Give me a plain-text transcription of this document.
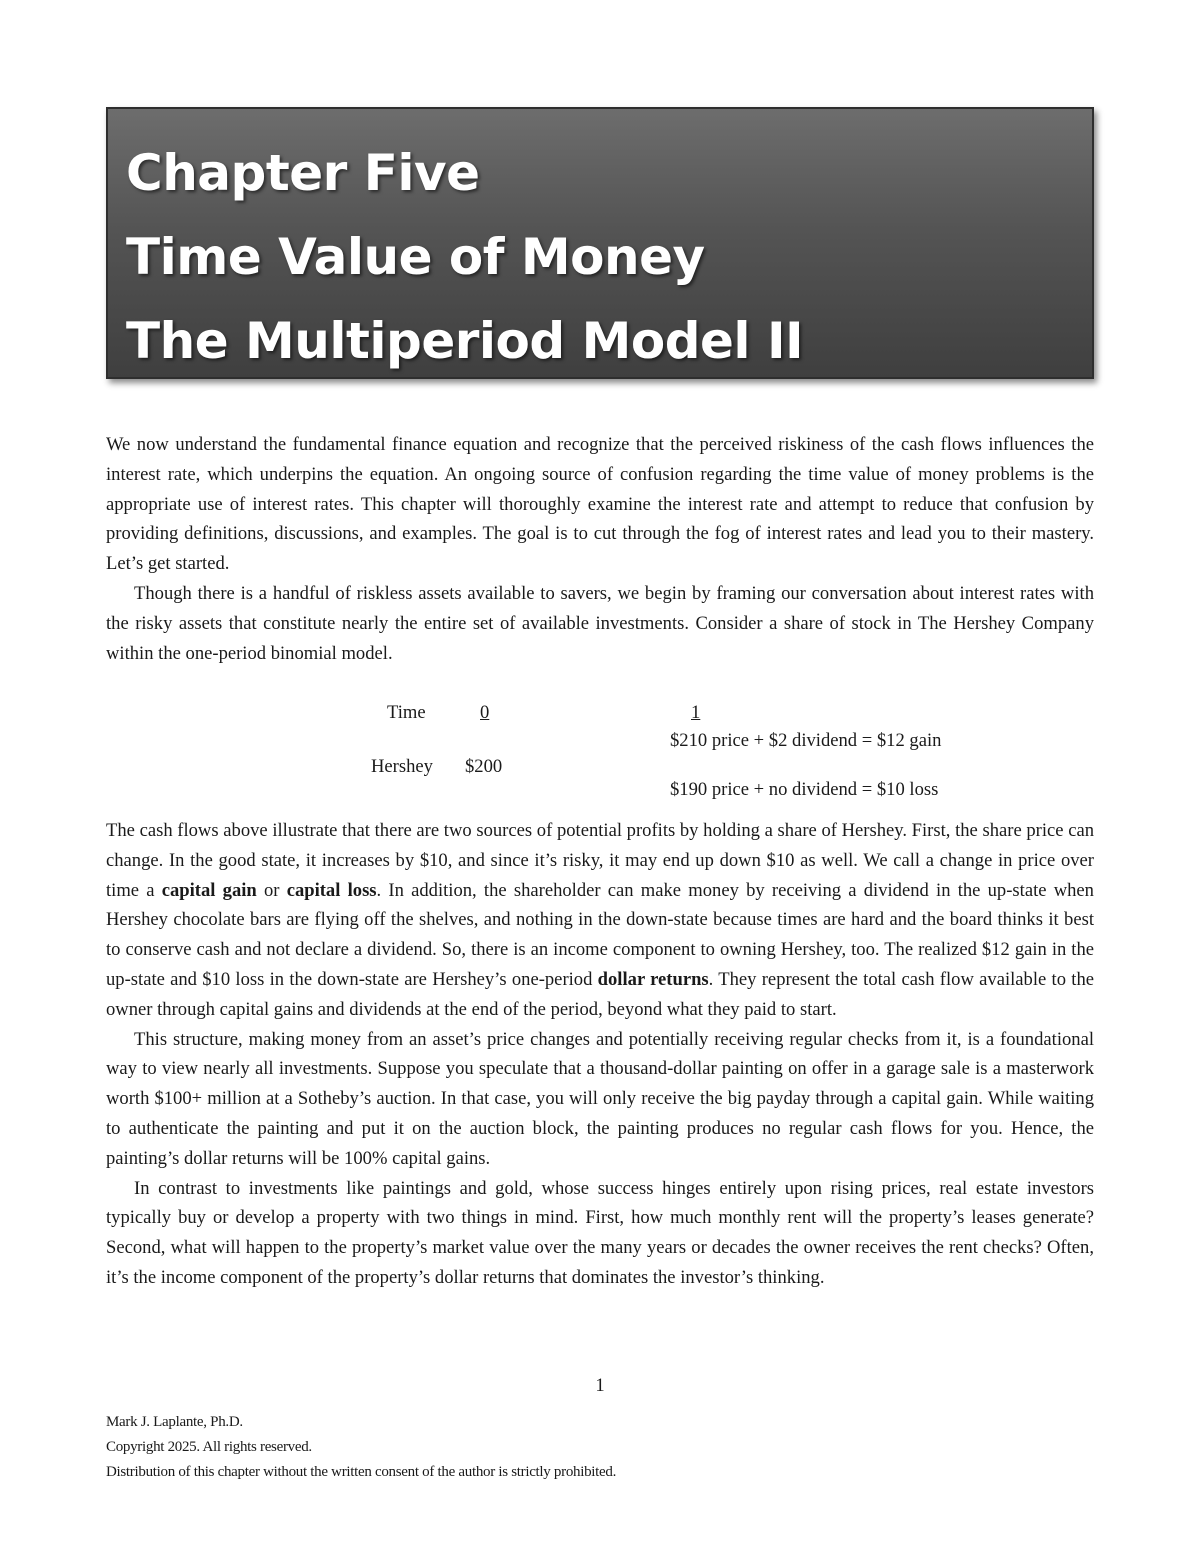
Chapter Five
Time Value of Money
The Multiperiod Model II

We now understand the fundamental finance equation and recognize that the perceived riskiness of the cash flows influences the interest rate, which underpins the equation. An ongoing source of confusion regarding the time value of money problems is the appropriate use of interest rates. This chapter will thoroughly examine the interest rate and attempt to reduce that confusion by providing definitions, discussions, and examples. The goal is to cut through the fog of interest rates and lead you to their mastery. Let’s get started.

Though there is a handful of riskless assets available to savers, we begin by framing our conversation about interest rates with the risky assets that constitute nearly the entire set of available investments. Consider a share of stock in The Hershey Company within the one-period binomial model.

Time	0	1
$210 price + $2 dividend = $12 gain
Hershey $200
$190 price + no dividend = $10 loss

The cash flows above illustrate that there are two sources of potential profits by holding a share of Hershey. First, the share price can change. In the good state, it increases by $10, and since it’s risky, it may end up down $10 as well. We call a change in price over time a capital gain or capital loss. In addition, the shareholder can make money by receiving a dividend in the up-state when Hershey chocolate bars are flying off the shelves, and nothing in the down-state because times are hard and the board thinks it best to conserve cash and not declare a dividend. So, there is an income component to owning Hershey, too. The realized $12 gain in the up-state and $10 loss in the down-state are Hershey’s one-period dollar returns. They represent the total cash flow available to the owner through capital gains and dividends at the end of the period, beyond what they paid to start.

This structure, making money from an asset’s price changes and potentially receiving regular checks from it, is a foundational way to view nearly all investments. Suppose you speculate that a thousand-dollar painting on offer in a garage sale is a masterwork worth $100+ million at a Sotheby’s auction. In that case, you will only receive the big payday through a capital gain. While waiting to authenticate the painting and put it on the auction block, the painting produces no regular cash flows for you. Hence, the painting’s dollar returns will be 100% capital gains.

In contrast to investments like paintings and gold, whose success hinges entirely upon rising prices, real estate investors typically buy or develop a property with two things in mind. First, how much monthly rent will the property’s leases generate? Second, what will happen to the property’s market value over the many years or decades the owner receives the rent checks? Often, it’s the income component of the property’s dollar returns that dominates the investor’s thinking.

1
Mark J. Laplante, Ph.D.
Copyright 2025. All rights reserved.
Distribution of this chapter without the written consent of the author is strictly prohibited.
